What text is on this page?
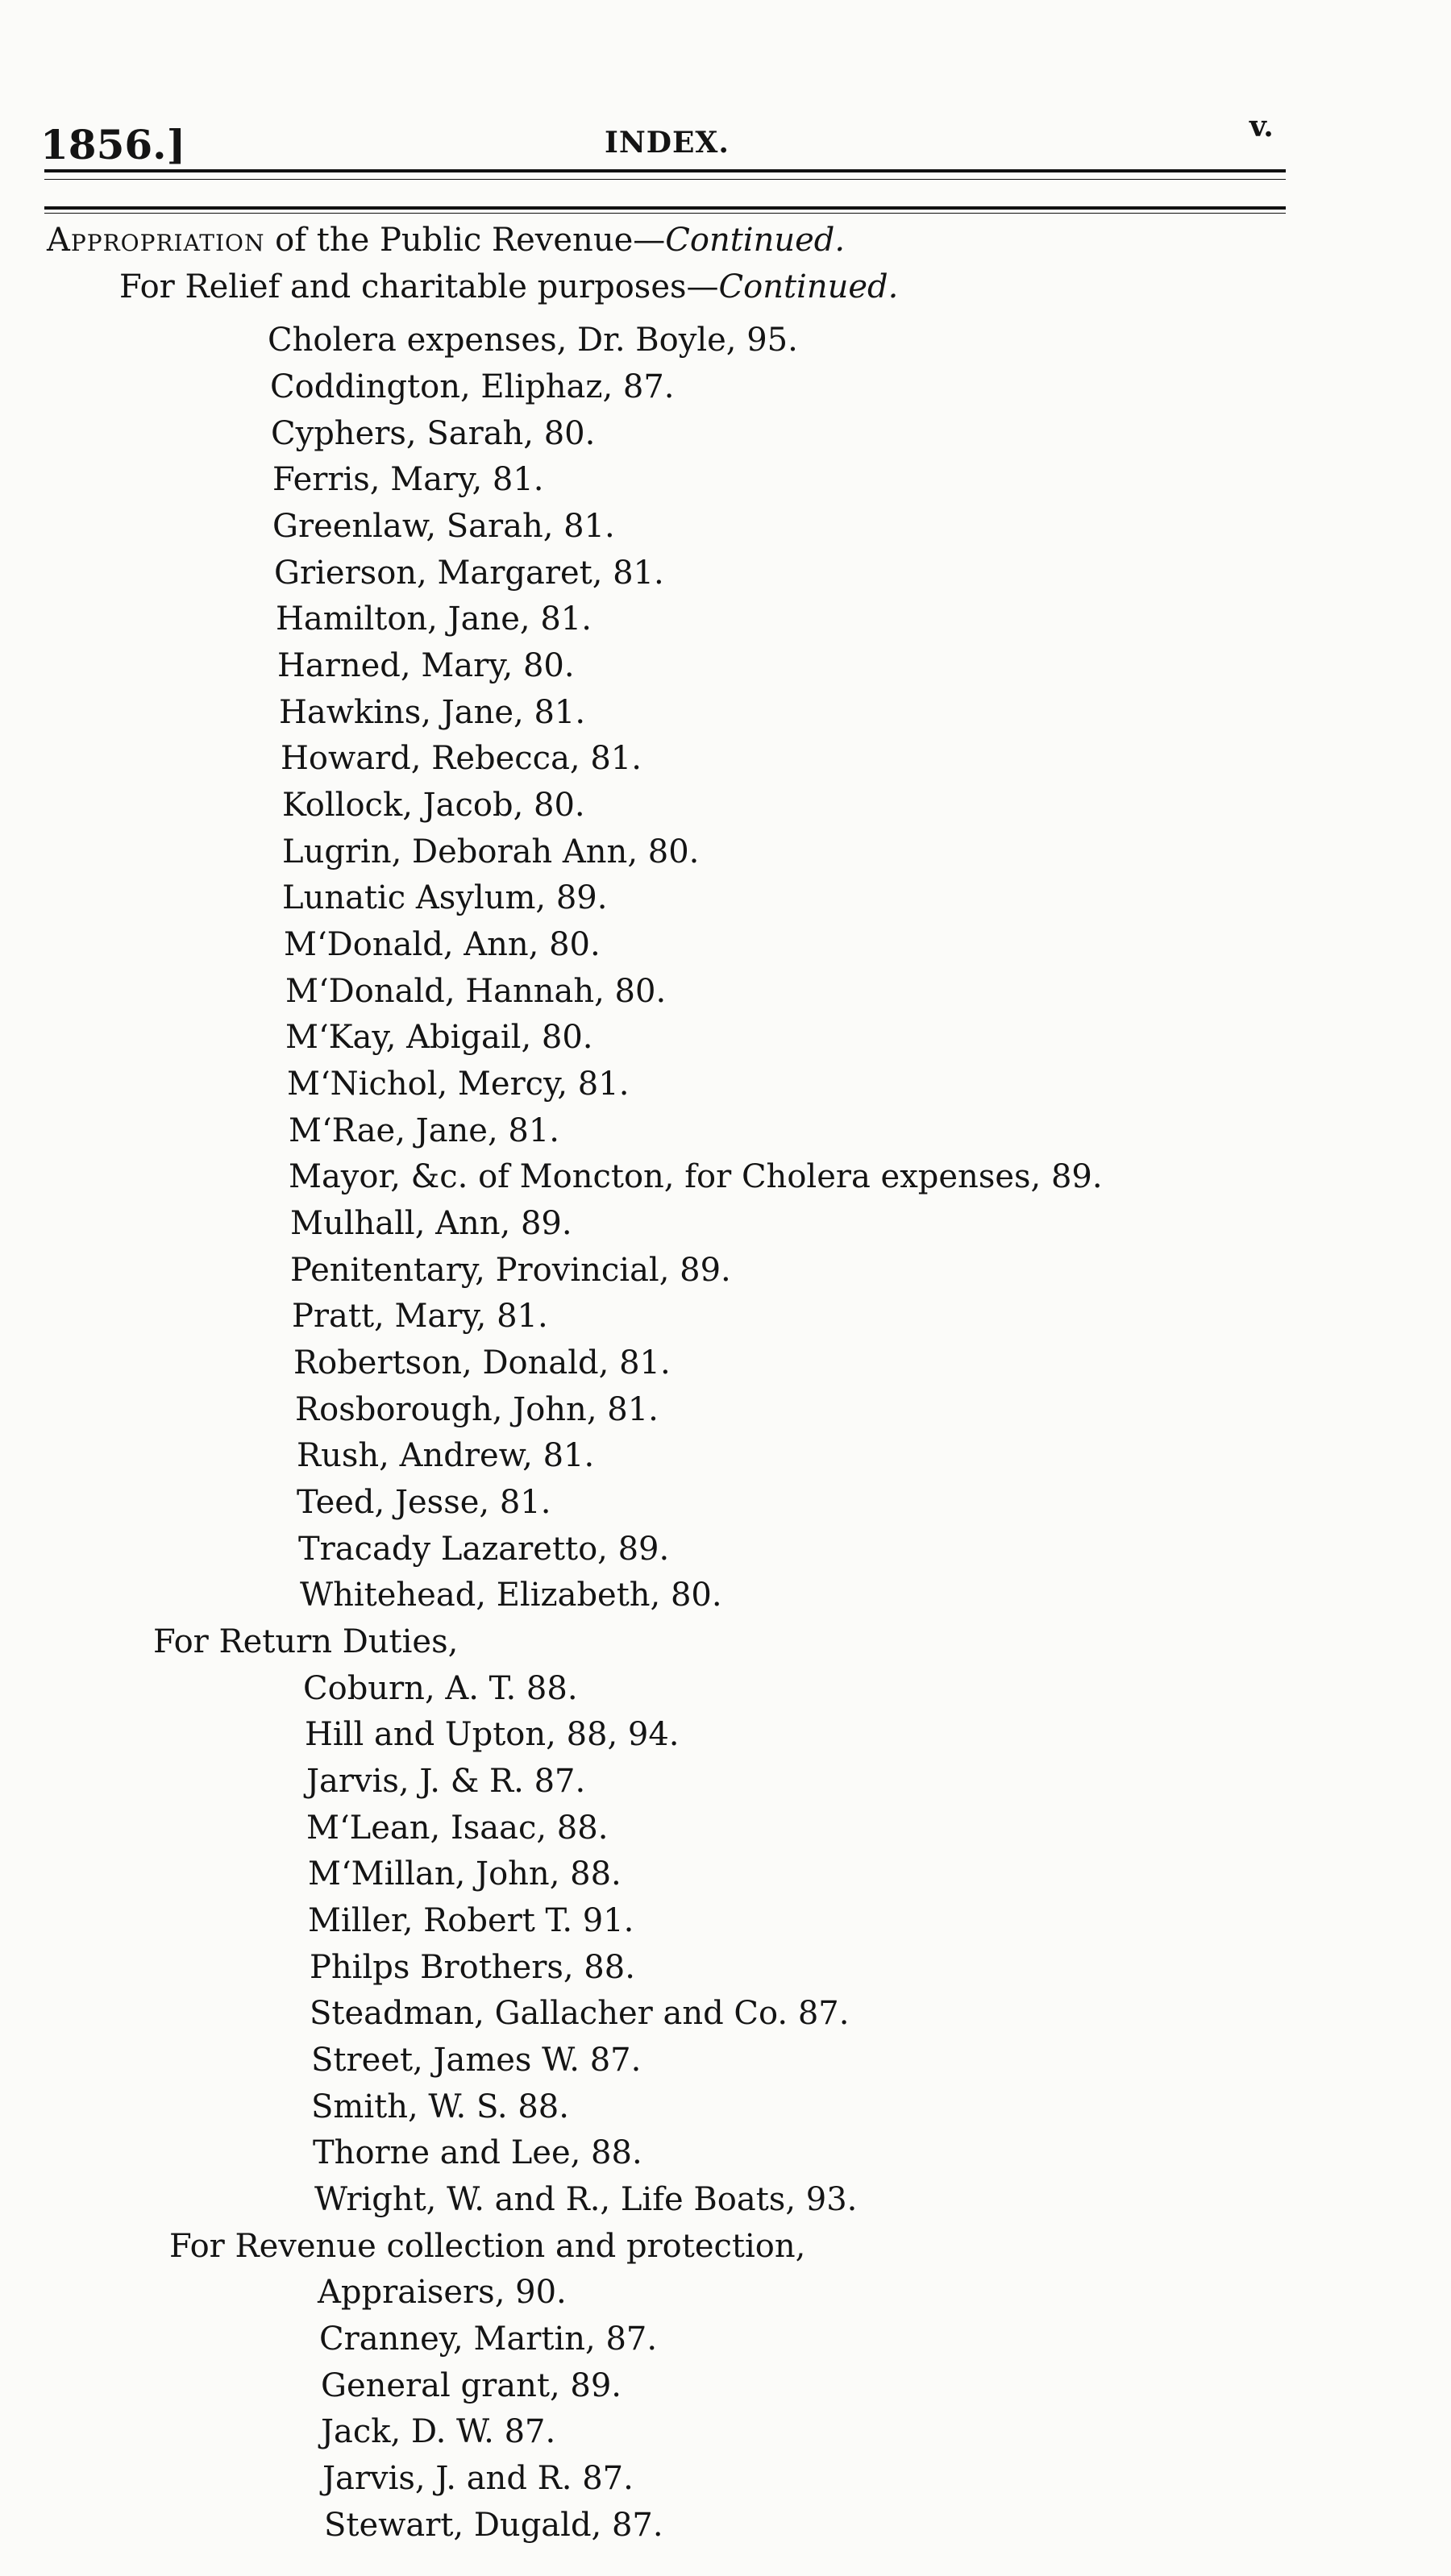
1856.]	INDEX.	v.
Appropriation of the Public Revenue—Continued.
For Relief and charitable purposes—Continued.
Cholera expenses, Dr. Boyle, 95.
Coddington, Eliphaz, 87.
Cyphers, Sarah, 80.
Ferris, Mary, 81.
Greenlaw, Sarah, 81.
Grierson, Margaret, 81.
Hamilton, Jane, 81.
Harned, Mary, 80.
Hawkins, Jane, 81.
Howard, Rebecca, 81.
Kollock, Jacob, 80.
Lugrin, Deborah Ann, 80.
Lunatic Asylum, 89.
M‘Donald, Ann, 80.
M‘Donald, Hannah, 80.
M‘Kay, Abigail, 80.
M‘Nichol, Mercy, 81.
M‘Rae, Jane, 81.
Mayor, &c. of Moncton, for Cholera expenses, 89.
Mulhall, Ann, 89.
Penitentary, Provincial, 89.
Pratt, Mary, 81.
Robertson, Donald, 81.
Rosborough, John, 81.
Rush, Andrew, 81.
Teed, Jesse, 81.
Tracady Lazaretto, 89.
Whitehead, Elizabeth, 80.
For Return Duties,
Coburn, A. T. 88.
Hill and Upton, 88, 94.
Jarvis, J. & R. 87.
M‘Lean, Isaac, 88.
M‘Millan, John, 88.
Miller, Robert T. 91.
Philps Brothers, 88.
Steadman, Gallacher and Co. 87.
Street, James W. 87.
Smith, W. S. 88.
Thorne and Lee, 88.
Wright, W. and R., Life Boats, 93.
For Revenue collection and protection,
Appraisers, 90.
Cranney, Martin, 87.
General grant, 89.
Jack, D. W. 87.
Jarvis, J. and R. 87.
Stewart, Dugald, 87.
